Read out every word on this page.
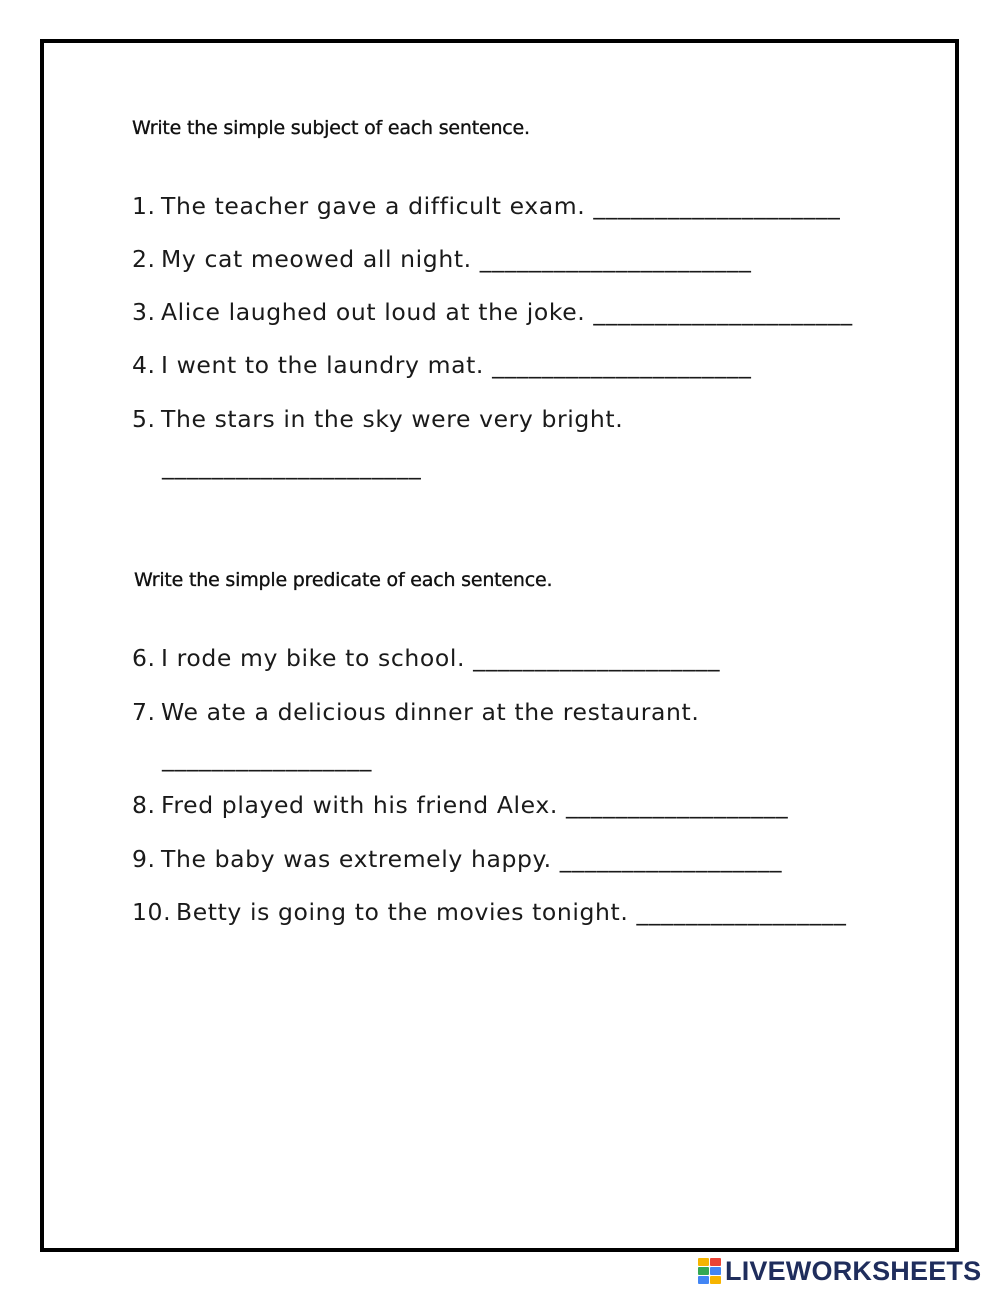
Write the simple subject of each sentence.
1. The teacher gave a difficult exam. ____________________
2. My cat meowed all night. ______________________
3. Alice laughed out loud at the joke. _____________________
4. I went to the laundry mat. _____________________
5. The stars in the sky were very bright.
_____________________
Write the simple predicate of each sentence.
6. I rode my bike to school. ____________________
7. We ate a delicious dinner at the restaurant.
_________________
8. Fred played with his friend Alex. __________________
9. The baby was extremely happy. __________________
10. Betty is going to the movies tonight. _________________
LIVEWORKSHEETS
